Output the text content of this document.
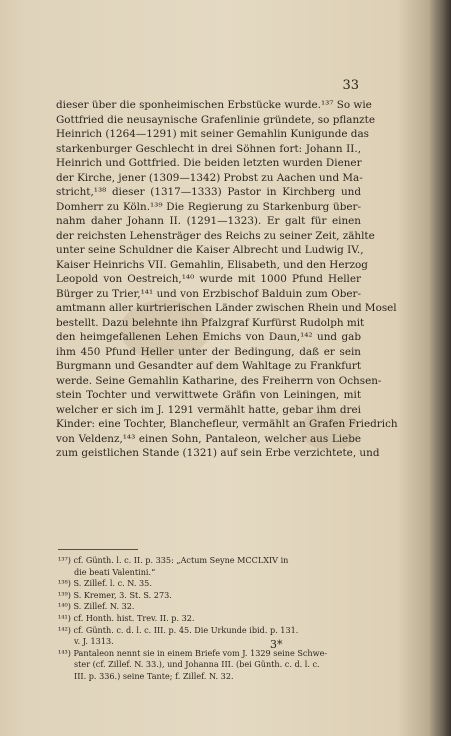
33
dieser über die sponheimischen Erbstücke wurde.¹³⁷ So wie
Gottfried die neusaynische Grafenlinie gründete, so pflanzte
Heinrich (1264—1291) mit seiner Gemahlin Kunigunde das
starkenburger Geschlecht in drei Söhnen fort: Johann II.,
Heinrich und Gottfried. Die beiden letzten wurden Diener
der Kirche, jener (1309—1342) Probst zu Aachen und Ma-
stricht,¹³⁸ dieser (1317—1333) Pastor in Kirchberg und
Domherr zu Köln.¹³⁹ Die Regierung zu Starkenburg über-
nahm daher Johann II. (1291—1323). Er galt für einen
der reichsten Lehensträger des Reichs zu seiner Zeit, zählte
unter seine Schuldner die Kaiser Albrecht und Ludwig IV.,
Kaiser Heinrichs VII. Gemahlin, Elisabeth, und den Herzog
Leopold von Oestreich,¹⁴⁰ wurde mit 1000 Pfund Heller
Bürger zu Trier,¹⁴¹ und von Erzbischof Balduin zum Ober-
amtmann aller kurtrierischen Länder zwischen Rhein und Mosel
bestellt. Dazu belehnte ihn Pfalzgraf Kurfürst Rudolph mit
den heimgefallenen Lehen Emichs von Daun,¹⁴² und gab
ihm 450 Pfund Heller unter der Bedingung, daß er sein
Burgmann und Gesandter auf dem Wahltage zu Frankfurt
werde. Seine Gemahlin Katharine, des Freiherrn von Ochsen-
stein Tochter und verwittwete Gräfin von Leiningen, mit
welcher er sich im J. 1291 vermählt hatte, gebar ihm drei
Kinder: eine Tochter, Blanchefleur, vermählt an Grafen Friedrich
von Veldenz,¹⁴³ einen Sohn, Pantaleon, welcher aus Liebe
zum geistlichen Stande (1321) auf sein Erbe verzichtete, und
¹³⁷) cf. Günth. l. c. II. p. 335: „Actum Seyne MCCLXIV in
die beati Valentini.“
¹³⁸) S. Zillef. l. c. N. 35.
¹³⁹) S. Kremer, 3. St. S. 273.
¹⁴⁰) S. Zillef. N. 32.
¹⁴¹) cf. Honth. hist. Trev. II. p. 32.
¹⁴²) cf. Günth. c. d. l. c. III. p. 45. Die Urkunde ibid. p. 131.
v. J. 1313.
¹⁴³) Pantaleon nennt sie in einem Briefe vom J. 1329 seine Schwe-
ster (cf. Zillef. N. 33.), und Johanna III. (bei Günth. c. d. l. c.
III. p. 336.) seine Tante; f. Zillef. N. 32.
3*
